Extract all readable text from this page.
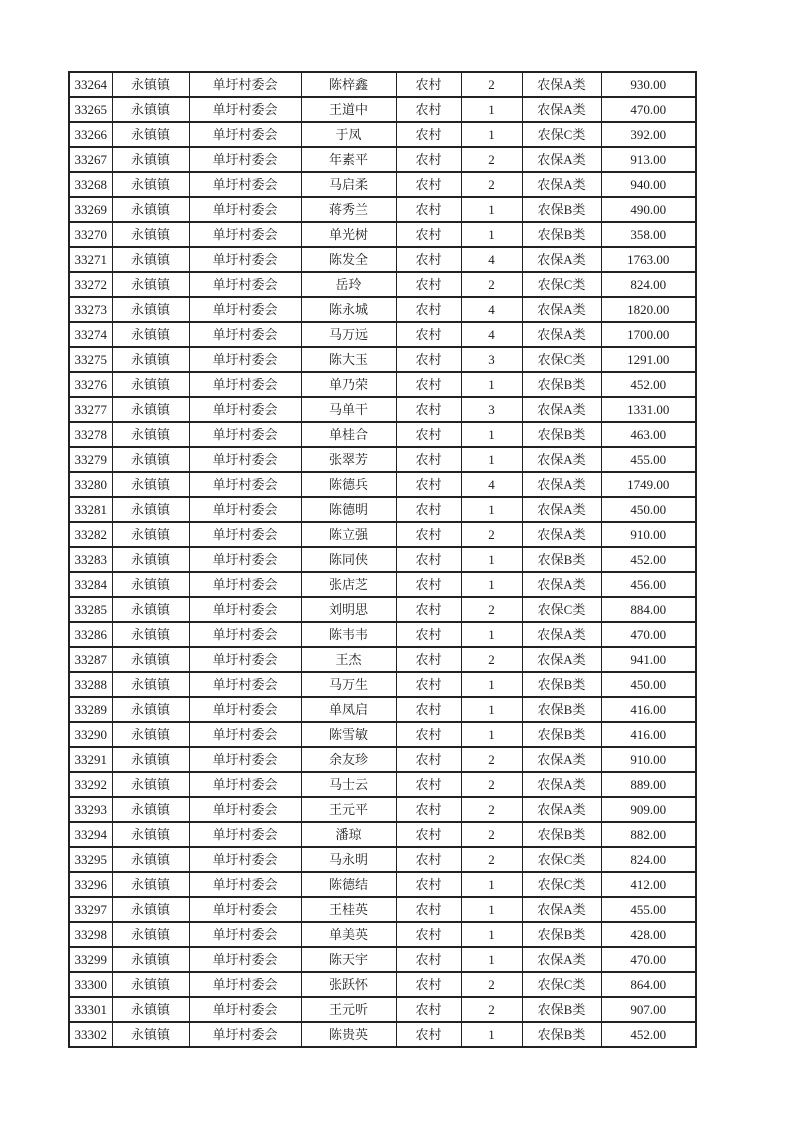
33264	永镇镇	单圩村委会	陈梓鑫	农村	2	农保A类	930.00
33265	永镇镇	单圩村委会	王道中	农村	1	农保A类	470.00
33266	永镇镇	单圩村委会	于凤	农村	1	农保C类	392.00
33267	永镇镇	单圩村委会	年素平	农村	2	农保A类	913.00
33268	永镇镇	单圩村委会	马启柔	农村	2	农保A类	940.00
33269	永镇镇	单圩村委会	蒋秀兰	农村	1	农保B类	490.00
33270	永镇镇	单圩村委会	单光树	农村	1	农保B类	358.00
33271	永镇镇	单圩村委会	陈发全	农村	4	农保A类	1763.00
33272	永镇镇	单圩村委会	岳玲	农村	2	农保C类	824.00
33273	永镇镇	单圩村委会	陈永城	农村	4	农保A类	1820.00
33274	永镇镇	单圩村委会	马万远	农村	4	农保A类	1700.00
33275	永镇镇	单圩村委会	陈大玉	农村	3	农保C类	1291.00
33276	永镇镇	单圩村委会	单乃荣	农村	1	农保B类	452.00
33277	永镇镇	单圩村委会	马单干	农村	3	农保A类	1331.00
33278	永镇镇	单圩村委会	单桂合	农村	1	农保B类	463.00
33279	永镇镇	单圩村委会	张翠芳	农村	1	农保A类	455.00
33280	永镇镇	单圩村委会	陈德兵	农村	4	农保A类	1749.00
33281	永镇镇	单圩村委会	陈德明	农村	1	农保A类	450.00
33282	永镇镇	单圩村委会	陈立强	农村	2	农保A类	910.00
33283	永镇镇	单圩村委会	陈同侠	农村	1	农保B类	452.00
33284	永镇镇	单圩村委会	张店芝	农村	1	农保A类	456.00
33285	永镇镇	单圩村委会	刘明思	农村	2	农保C类	884.00
33286	永镇镇	单圩村委会	陈韦韦	农村	1	农保A类	470.00
33287	永镇镇	单圩村委会	王杰	农村	2	农保A类	941.00
33288	永镇镇	单圩村委会	马万生	农村	1	农保B类	450.00
33289	永镇镇	单圩村委会	单凤启	农村	1	农保B类	416.00
33290	永镇镇	单圩村委会	陈雪敏	农村	1	农保B类	416.00
33291	永镇镇	单圩村委会	余友珍	农村	2	农保A类	910.00
33292	永镇镇	单圩村委会	马士云	农村	2	农保A类	889.00
33293	永镇镇	单圩村委会	王元平	农村	2	农保A类	909.00
33294	永镇镇	单圩村委会	潘琼	农村	2	农保B类	882.00
33295	永镇镇	单圩村委会	马永明	农村	2	农保C类	824.00
33296	永镇镇	单圩村委会	陈德结	农村	1	农保C类	412.00
33297	永镇镇	单圩村委会	王桂英	农村	1	农保A类	455.00
33298	永镇镇	单圩村委会	单美英	农村	1	农保B类	428.00
33299	永镇镇	单圩村委会	陈天宇	农村	1	农保A类	470.00
33300	永镇镇	单圩村委会	张跃怀	农村	2	农保C类	864.00
33301	永镇镇	单圩村委会	王元听	农村	2	农保B类	907.00
33302	永镇镇	单圩村委会	陈贵英	农村	1	农保B类	452.00
